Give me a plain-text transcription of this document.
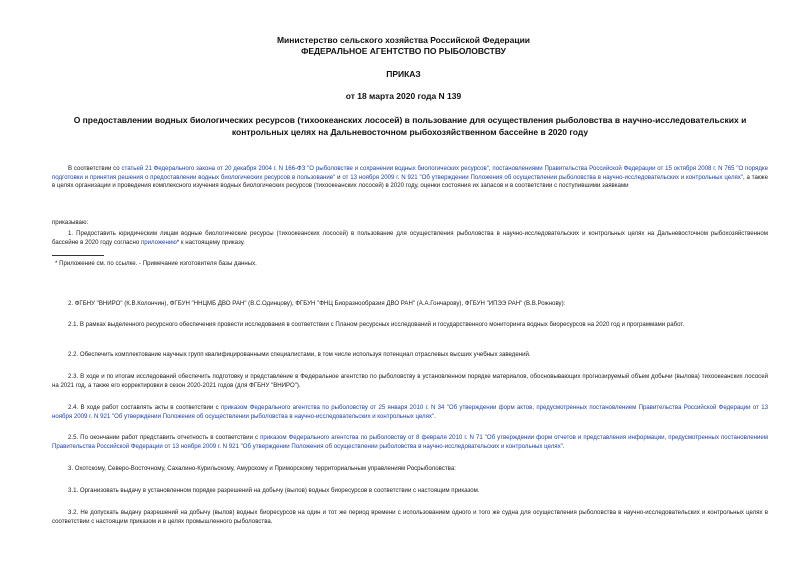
Министерство сельского хозяйства Российской Федерации
ФЕДЕРАЛЬНОЕ АГЕНТСТВО ПО РЫБОЛОВСТВУ
ПРИКАЗ
от 18 марта 2020 года N 139
О предоставлении водных биологических ресурсов (тихоокеанских лососей) в пользование для осуществления рыболовства в научно-исследовательских и контрольных целях на Дальневосточном рыбохозяйственном бассейне в 2020 году
В соответствии со статьей 21 Федерального закона от 20 декабря 2004 г. N 166-ФЗ "О рыболовстве и сохранении водных биологических ресурсов", постановлениями Правительства Российской Федерации от 15 октября 2008 г. N 765 "О порядке подготовки и принятия решения о предоставлении водных биологических ресурсов в пользование" и от 13 ноября 2009 г. N 921 "Об утверждении Положения об осуществлении рыболовства в научно-исследовательских и контрольных целях", а также в целях организации и проведения комплексного изучения водных биологических ресурсов (тихоокеанских лососей) в 2020 году, оценки состояния их запасов и в соответствии с поступившими заявками
приказываю:
1. Предоставить юридическим лицам водные биологические ресурсы (тихоокеанских лососей) в пользование для осуществления рыболовства в научно-исследовательских и контрольных целях на Дальневосточном рыбохозяйственном бассейне в 2020 году согласно приложению* к настоящему приказу.
* Приложение см. по ссылке. - Примечание изготовителя базы данных.
2. ФГБНУ "ВНИРО" (К.В.Колончин), ФГБУН "ННЦМБ ДВО РАН" (В.С.Одинцову), ФГБУН "ФНЦ Биоразнообразия ДВО РАН" (А.А.Гончарову), ФГБУН "ИПЭЭ РАН" (В.В.Рожнову):
2.1. В рамках выделенного ресурсного обеспечения провести исследования в соответствии с Планом ресурсных исследований и государственного мониторинга водных биоресурсов на 2020 год и программами работ.
2.2. Обеспечить комплектование научных групп квалифицированными специалистами, в том числе используя потенциал отраслевых высших учебных заведений.
2.3. В ходе и по итогам исследований обеспечить подготовку и представление в Федеральное агентство по рыболовству в установленном порядке материалов, обосновывающих прогнозируемый объем добычи (вылова) тихоокеанских лососей на 2021 год, а также его корректировки в сезон 2020-2021 годов (для ФГБНУ "ВНИРО").
2.4. В ходе работ составлять акты в соответствии с приказом Федерального агентства по рыболовству от 25 января 2010 г. N 34 "Об утверждении форм актов, предусмотренных постановлением Правительства Российской Федерации от 13 ноября 2009 г. N 921 "Об утверждении Положения об осуществлении рыболовства в научно-исследовательских и контрольных целях".
2.5. По окончании работ представить отчетность в соответствии с приказом Федерального агентства по рыболовству от 8 февраля 2010 г. N 71 "Об утверждении форм отчетов и представления информации, предусмотренных постановлением Правительства Российской Федерации от 13 ноября 2009 г. N 921 "Об утверждении Положения об осуществлении рыболовства в научно-исследовательских и контрольных целях".
3. Охотскому, Северо-Восточному, Сахалино-Курильскому, Амурскому и Приморскому территориальным управлениям Росрыболовства:
3.1. Организовать выдачу в установленном порядке разрешений на добычу (вылов) водных биоресурсов в соответствии с настоящим приказом.
3.2. Не допускать выдачу разрешений на добычу (вылов) водных биоресурсов на один и тот же период времени с использованием одного и того же судна для осуществления рыболовства в научно-исследовательских и контрольных целях в соответствии с настоящим приказом и в целях промышленного рыболовства.
